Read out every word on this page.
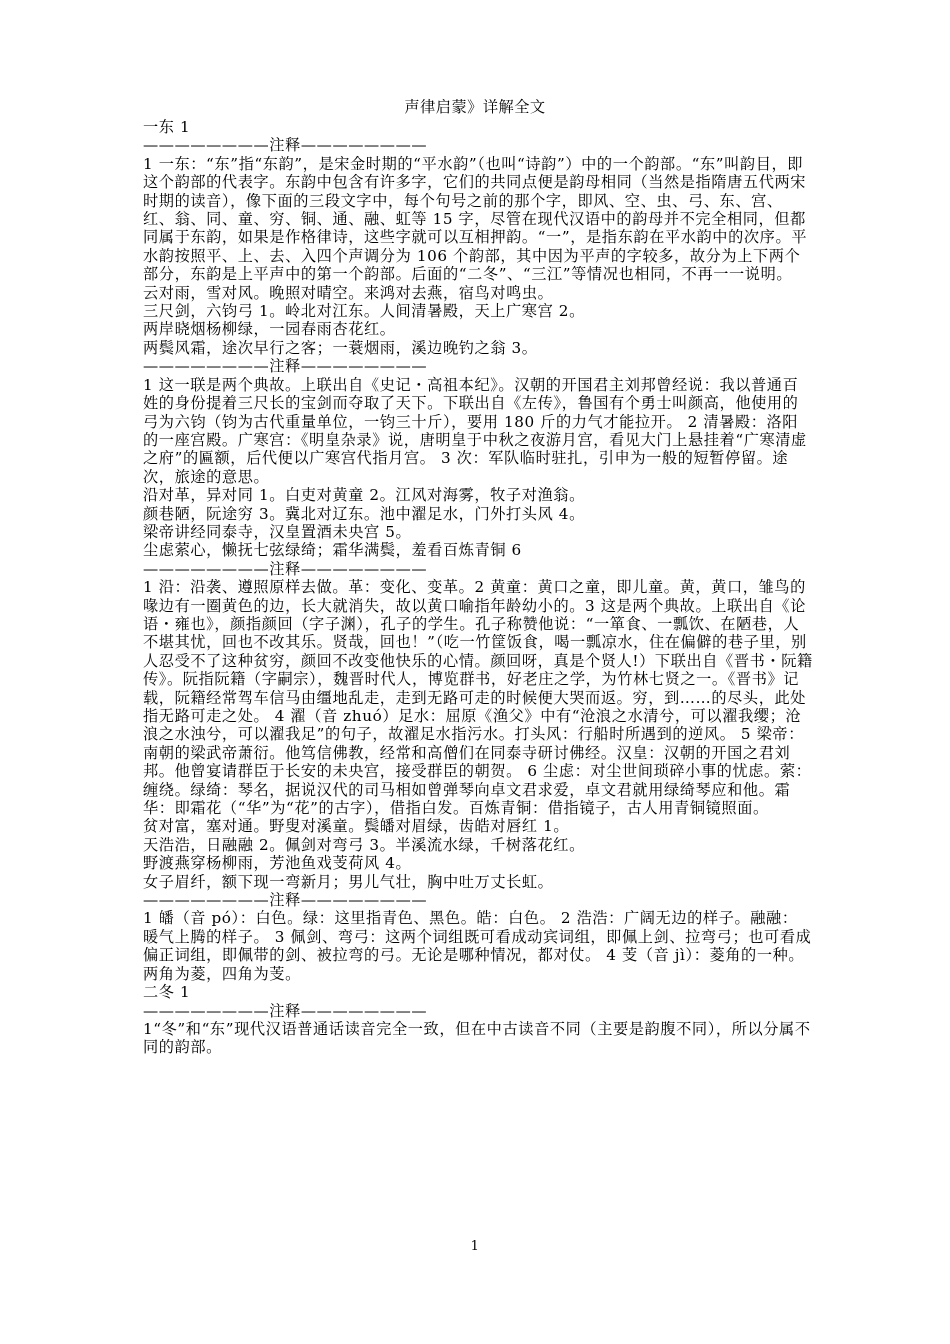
声律启蒙》详解全文

一东 1

————————注释————————

1 一东：“东”指“东韵”，是宋金时期的“平水韵”（也叫“诗韵”）中的一个韵部。“东”叫韵目，即这个韵部的代表字。东韵中包含有许多字，它们的共同点便是韵母相同（当然是指隋唐五代两宋时期的读音），像下面的三段文字中，每个句号之前的那个字，即风、空、虫、弓、东、宫、红、翁、同、童、穷、铜、通、融、虹等 15 字，尽管在现代汉语中的韵母并不完全相同，但都同属于东韵，如果是作格律诗，这些字就可以互相押韵。“一”，是指东韵在平水韵中的次序。平水韵按照平、上、去、入四个声调分为 106 个韵部，其中因为平声的字较多，故分为上下两个部分，东韵是上平声中的第一个韵部。后面的“二冬”、“三江”等情况也相同，不再一一说明。

云对雨，雪对风。晚照对晴空。来鸿对去燕，宿鸟对鸣虫。

三尺剑，六钧弓 1。岭北对江东。人间清暑殿，天上广寒宫 2。

两岸晓烟杨柳绿，一园春雨杏花红。

两鬓风霜，途次早行之客；一蓑烟雨，溪边晚钓之翁 3。

————————注释————————

1 这一联是两个典故。上联出自《史记・高祖本纪》。汉朝的开国君主刘邦曾经说：我以普通百姓的身份提着三尺长的宝剑而夺取了天下。下联出自《左传》，鲁国有个勇士叫颜高，他使用的弓为六钧（钧为古代重量单位，一钧三十斤），要用 180 斤的力气才能拉开。 2 清暑殿：洛阳的一座宫殿。广寒宫：《明皇杂录》说，唐明皇于中秋之夜游月宫，看见大门上悬挂着“广寒清虚之府”的匾额，后代便以广寒宫代指月宫。 3 次：军队临时驻扎，引申为一般的短暂停留。途次，旅途的意思。

沿对革，异对同 1。白吏对黄童 2。江风对海雾，牧子对渔翁。

颜巷陋，阮途穷 3。冀北对辽东。池中濯足水，门外打头风 4。

梁帝讲经同泰寺，汉皇置酒未央宫 5。

尘虑萦心，懒抚七弦绿绮；霜华满鬓，羞看百炼青铜 6

————————注释————————

1 沿：沿袭、遵照原样去做。革：变化、变革。2 黄童：黄口之童，即儿童。黄，黄口，雏鸟的喙边有一圈黄色的边，长大就消失，故以黄口喻指年龄幼小的。3 这是两个典故。上联出自《论语・雍也》，颜指颜回（字子渊），孔子的学生。孔子称赞他说：“一箪食、一瓢饮、在陋巷，人不堪其忧，回也不改其乐。贤哉，回也！”（吃一竹筐饭食，喝一瓢凉水，住在偏僻的巷子里，别人忍受不了这种贫穷，颜回不改变他快乐的心情。颜回呀，真是个贤人!）下联出自《晋书・阮籍传》。阮指阮籍（字嗣宗），魏晋时代人，博览群书，好老庄之学，为竹林七贤之一。《晋书》记载，阮籍经常驾车信马由缰地乱走，走到无路可走的时候便大哭而返。穷，到……的尽头，此处指无路可走之处。 4 濯（音 zhuó）足水：屈原《渔父》中有“沧浪之水清兮，可以濯我缨；沧浪之水浊兮，可以濯我足”的句子，故濯足水指污水。打头风：行船时所遇到的逆风。 5 梁帝：南朝的梁武帝萧衍。他笃信佛教，经常和高僧们在同泰寺研讨佛经。汉皇：汉朝的开国之君刘邦。他曾宴请群臣于长安的未央宫，接受群臣的朝贺。 6 尘虑：对尘世间琐碎小事的忧虑。萦：缠绕。绿绮：琴名，据说汉代的司马相如曾弹琴向卓文君求爱，卓文君就用绿绮琴应和他。霜华：即霜花（“华”为“花”的古字），借指白发。百炼青铜：借指镜子，古人用青铜镜照面。

贫对富，塞对通。野叟对溪童。鬓皤对眉绿，齿皓对唇红 1。

天浩浩，日融融 2。佩剑对弯弓 3。半溪流水绿，千树落花红。

野渡燕穿杨柳雨，芳池鱼戏芰荷风 4。

女子眉纤，额下现一弯新月；男儿气壮，胸中吐万丈长虹。

————————注释————————

1 皤（音 pó）：白色。绿：这里指青色、黑色。皓：白色。 2 浩浩：广阔无边的样子。融融：暖气上腾的样子。 3 佩剑、弯弓：这两个词组既可看成动宾词组，即佩上剑、拉弯弓；也可看成偏正词组，即佩带的剑、被拉弯的弓。无论是哪种情况，都对仗。 4 芰（音 jì）：菱角的一种。两角为菱，四角为芰。

二冬 1

————————注释————————

1“冬”和“东”现代汉语普通话读音完全一致，但在中古读音不同（主要是韵腹不同），所以分属不同的韵部。

1
